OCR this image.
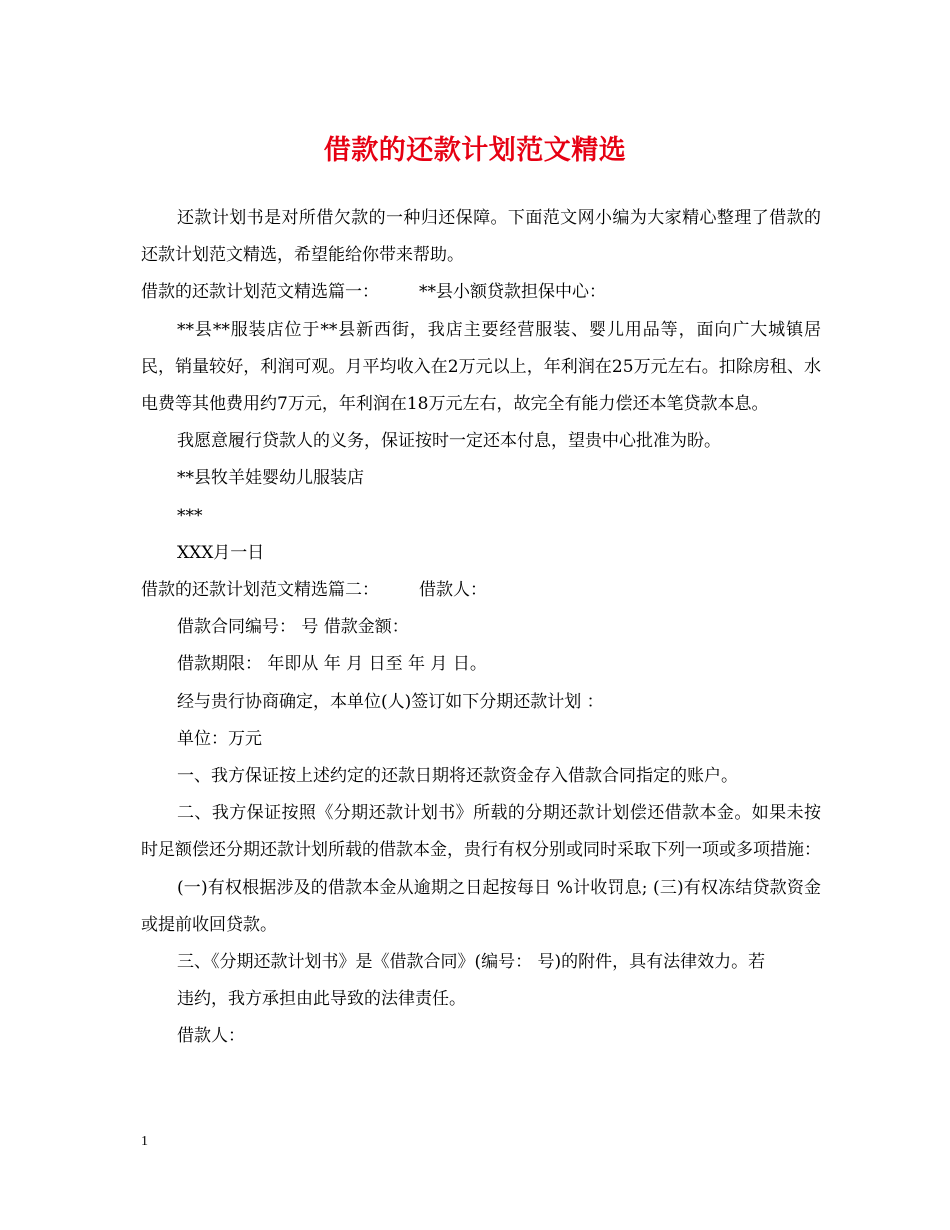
借款的还款计划范文精选

还款计划书是对所借欠款的一种归还保障。下面范文网小编为大家精心整理了借款的还款计划范文精选，希望能给你带来帮助。

借款的还款计划范文精选篇一： **县小额贷款担保中心：

**县**服装店位于**县新西街，我店主要经营服装、婴儿用品等，面向广大城镇居民，销量较好，利润可观。月平均收入在2万元以上，年利润在25万元左右。扣除房租、水电费等其他费用约7万元，年利润在18万元左右，故完全有能力偿还本笔贷款本息。

我愿意履行贷款人的义务，保证按时一定还本付息，望贵中心批准为盼。

**县牧羊娃婴幼儿服装店

***

XXX月一日

借款的还款计划范文精选篇二： 借款人：

借款合同编号： 号 借款金额：

借款期限： 年即从 年 月 日至 年 月 日。

经与贵行协商确定，本单位(人)签订如下分期还款计划 ：

单位：万元

一、我方保证按上述约定的还款日期将还款资金存入借款合同指定的账户。

二、我方保证按照《分期还款计划书》所载的分期还款计划偿还借款本金。如果未按时足额偿还分期还款计划所载的借款本金，贵行有权分别或同时采取下列一项或多项措施：

(一)有权根据涉及的借款本金从逾期之日起按每日 %计收罚息; (三)有权冻结贷款资金或提前收回贷款。

三、《分期还款计划书》是《借款合同》(编号： 号)的附件，具有法律效力。若

违约，我方承担由此导致的法律责任。

借款人：

1
